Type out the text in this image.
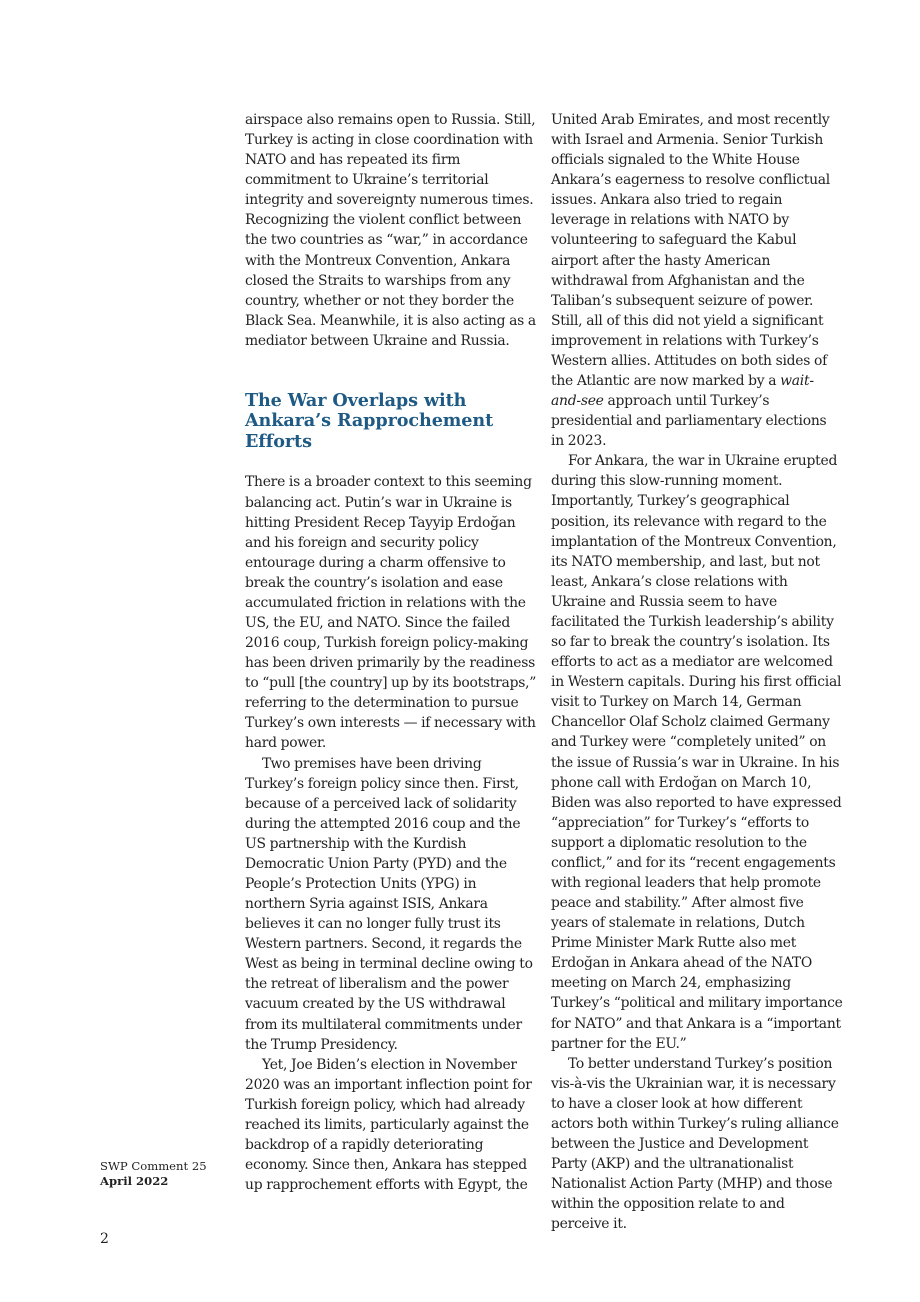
airspace also remains open to Russia. Still, Turkey is acting in close coordination with NATO and has repeated its firm commitment to Ukraine’s territorial integrity and sovereignty numerous times. Recognizing the violent conflict between the two countries as “war,” in accordance with the Montreux Convention, Ankara closed the Straits to warships from any country, whether or not they border the Black Sea. Meanwhile, it is also acting as a mediator between Ukraine and Russia.

The War Overlaps with Ankara’s Rapprochement Efforts

There is a broader context to this seeming balancing act. Putin’s war in Ukraine is hitting President Recep Tayyip Erdoğan and his foreign and security policy entourage during a charm offensive to break the country’s isolation and ease accumulated friction in relations with the US, the EU, and NATO. Since the failed 2016 coup, Turkish foreign policy-making has been driven primarily by the readiness to “pull [the country] up by its bootstraps,” referring to the determination to pursue Turkey’s own interests — if necessary with hard power.

Two premises have been driving Turkey’s foreign policy since then. First, because of a perceived lack of solidarity during the attempted 2016 coup and the US partnership with the Kurdish Democratic Union Party (PYD) and the People’s Protection Units (YPG) in northern Syria against ISIS, Ankara believes it can no longer fully trust its Western partners. Second, it regards the West as being in terminal decline owing to the retreat of liberalism and the power vacuum created by the US withdrawal from its multilateral commitments under the Trump Presidency.

Yet, Joe Biden’s election in November 2020 was an important inflection point for Turkish foreign policy, which had already reached its limits, particularly against the backdrop of a rapidly deteriorating economy. Since then, Ankara has stepped up rapprochement efforts with Egypt, the

United Arab Emirates, and most recently with Israel and Armenia. Senior Turkish officials signaled to the White House Ankara’s eagerness to resolve conflictual issues. Ankara also tried to regain leverage in relations with NATO by volunteering to safeguard the Kabul airport after the hasty American withdrawal from Afghanistan and the Taliban’s subsequent seizure of power. Still, all of this did not yield a significant improvement in relations with Turkey’s Western allies. Attitudes on both sides of the Atlantic are now marked by a wait-and-see approach until Turkey’s presidential and parliamentary elections in 2023.

For Ankara, the war in Ukraine erupted during this slow-running moment. Importantly, Turkey’s geographical position, its relevance with regard to the implantation of the Montreux Convention, its NATO membership, and last, but not least, Ankara’s close relations with Ukraine and Russia seem to have facilitated the Turkish leadership’s ability so far to break the country’s isolation. Its efforts to act as a mediator are welcomed in Western capitals. During his first official visit to Turkey on March 14, German Chancellor Olaf Scholz claimed Germany and Turkey were “completely united” on the issue of Russia’s war in Ukraine. In his phone call with Erdoğan on March 10, Biden was also reported to have expressed “appreciation” for Turkey’s “efforts to support a diplomatic resolution to the conflict,” and for its “recent engagements with regional leaders that help promote peace and stability.” After almost five years of stalemate in relations, Dutch Prime Minister Mark Rutte also met Erdoğan in Ankara ahead of the NATO meeting on March 24, emphasizing Turkey’s “political and military importance for NATO” and that Ankara is a “important partner for the EU.”

To better understand Turkey’s position vis-à-vis the Ukrainian war, it is necessary to have a closer look at how different actors both within Turkey’s ruling alliance between the Justice and Development Party (AKP) and the ultranationalist Nationalist Action Party (MHP) and those within the opposition relate to and perceive it.

SWP Comment 25
April 2022
2
